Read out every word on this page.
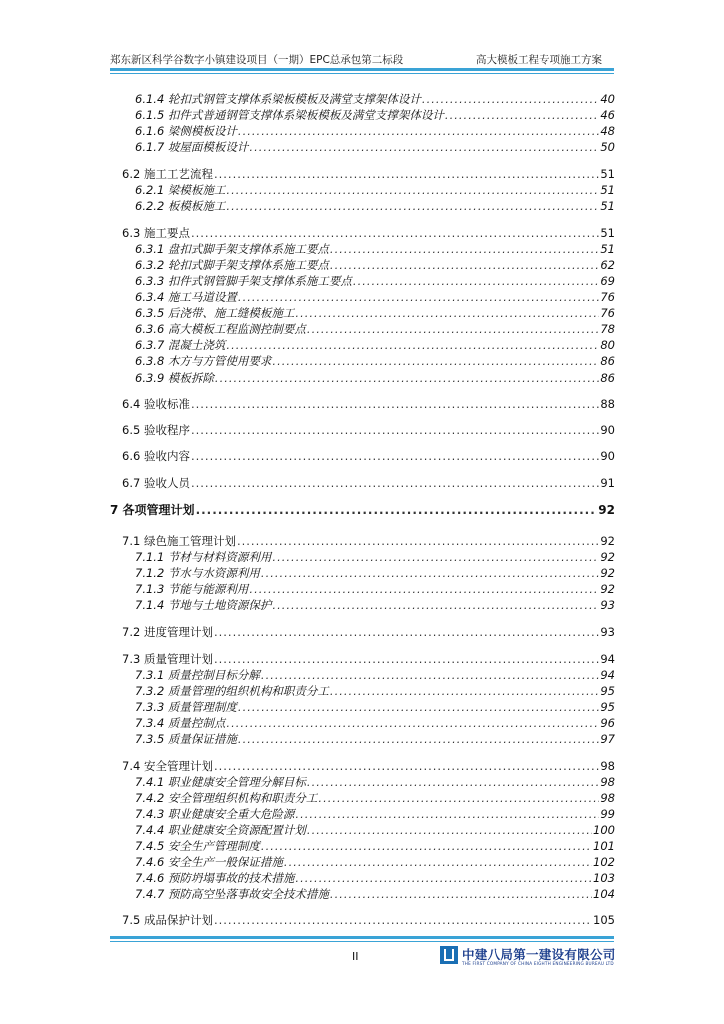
郑东新区科学谷数字小镇建设项目（一期）EPC总承包第二标段	高大模板工程专项施工方案
6.1.4 轮扣式钢管支撑体系梁板模板及满堂支撑架体设计 .....	40
6.1.5 扣件式普通钢管支撑体系梁板模板及满堂支撑架体设计 .....	46
6.1.6 梁侧模板设计 .....	48
6.1.7 坡屋面模板设计 .....	50
6.2 施工工艺流程 .....	51
6.2.1 梁模板施工 .....	51
6.2.2 板模板施工 .....	51
6.3 施工要点 .....	51
6.3.1 盘扣式脚手架支撑体系施工要点 .....	51
6.3.2 轮扣式脚手架支撑体系施工要点 .....	62
6.3.3 扣件式钢管脚手架支撑体系施工要点 .....	69
6.3.4 施工马道设置 .....	76
6.3.5 后浇带、施工缝模板施工 .....	76
6.3.6 高大模板工程监测控制要点 .....	78
6.3.7 混凝土浇筑 .....	80
6.3.8 木方与方管使用要求 .....	86
6.3.9 模板拆除 .....	86
6.4 验收标准 .....	88
6.5 验收程序 .....	90
6.6 验收内容 .....	90
6.7 验收人员 .....	91
7 各项管理计划 .....	92
7.1 绿色施工管理计划 .....	92
7.1.1 节材与材料资源利用 .....	92
7.1.2 节水与水资源利用 .....	92
7.1.3 节能与能源利用 .....	92
7.1.4 节地与土地资源保护 .....	93
7.2 进度管理计划 .....	93
7.3 质量管理计划 .....	94
7.3.1 质量控制目标分解 .....	94
7.3.2 质量管理的组织机构和职责分工 .....	95
7.3.3 质量管理制度 .....	95
7.3.4 质量控制点 .....	96
7.3.5 质量保证措施 .....	97
7.4 安全管理计划 .....	98
7.4.1 职业健康安全管理分解目标 .....	98
7.4.2 安全管理组织机构和职责分工 .....	98
7.4.3 职业健康安全重大危险源 .....	99
7.4.4 职业健康安全资源配置计划 .....	100
7.4.5 安全生产管理制度 .....	101
7.4.6 安全生产一般保证措施 .....	102
7.4.6 预防坍塌事故的技术措施 .....	103
7.4.7 预防高空坠落事故安全技术措施 .....	104
7.5 成品保护计划 .....	105
II	中建八局第一建设有限公司
THE FIRST COMPANY OF CHINA EIGHTH ENGINEERING BUREAU LTD
